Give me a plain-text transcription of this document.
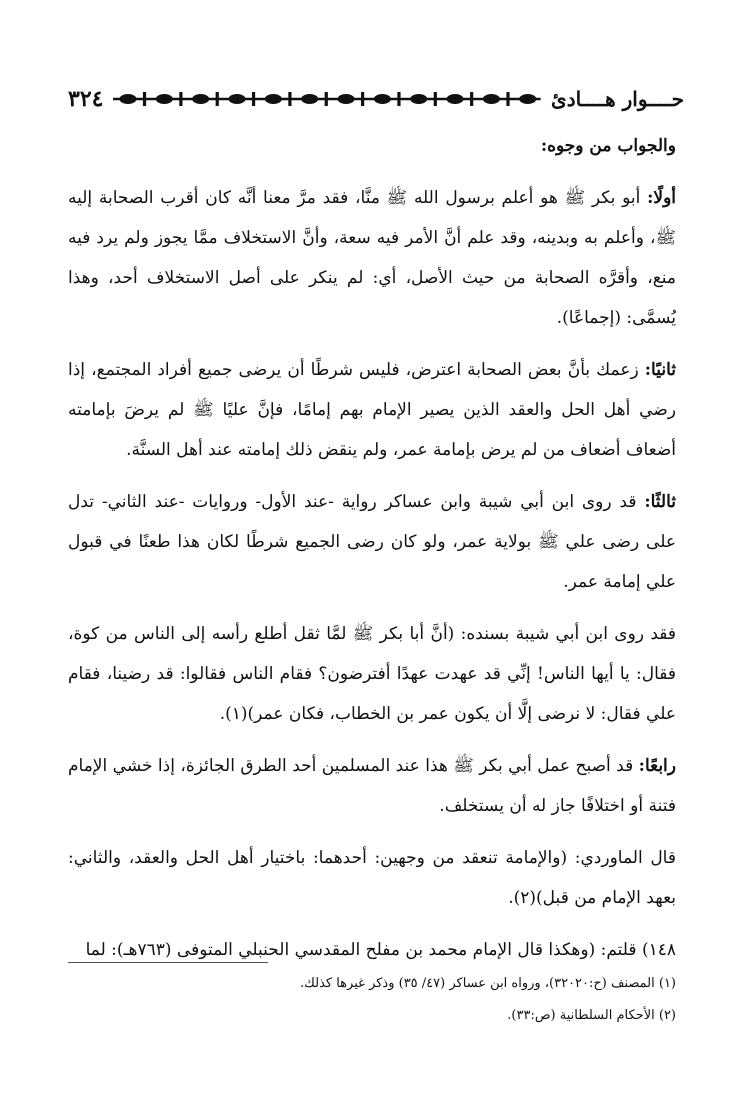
حــــوار هــــادئ
٣٢٤

والجواب من وجوه:

أولًا: أبو بكر ﷺ هو أعلم برسول الله ﷺ منَّا، فقد مرَّ معنا أنَّه كان أقرب الصحابة إليه ﷺ، وأعلم به وبدينه، وقد علم أنَّ الأمر فيه سعة، وأنَّ الاستخلاف ممَّا يجوز ولم يرد فيه منع، وأقرَّه الصحابة من حيث الأصل، أي: لم ينكر على أصل الاستخلاف أحد، وهذا يُسمَّى: (إجماعًا).

ثانيًا: زعمك بأنَّ بعض الصحابة اعترض، فليس شرطًا أن يرضى جميع أفراد المجتمع، إذا رضي أهل الحل والعقد الذين يصير الإمام بهم إمامًا، فإنَّ عليًا ﷺ لم يرضَ بإمامته أضعاف أضعاف من لم يرض بإمامة عمر، ولم ينقض ذلك إمامته عند أهل السنَّة.

ثالثًا: قد روى ابن أبي شيبة وابن عساكر رواية -عند الأول- وروايات -عند الثاني- تدل على رضى علي ﷺ بولاية عمر، ولو كان رضى الجميع شرطًا لكان هذا طعنًا في قبول علي إمامة عمر.

فقد روى ابن أبي شيبة بسنده: (أنَّ أبا بكر ﷺ لمَّا ثقل أطلع رأسه إلى الناس من كوة، فقال: يا أيها الناس! إنِّي قد عهدت عهدًا أفترضون؟ فقام الناس فقالوا: قد رضينا، فقام علي فقال: لا نرضى إلَّا أن يكون عمر بن الخطاب، فكان عمر)(١).

رابعًا: قد أصبح عمل أبي بكر ﷺ هذا عند المسلمين أحد الطرق الجائزة، إذا خشي الإمام فتنة أو اختلافًا جاز له أن يستخلف.

قال الماوردي: (والإمامة تنعقد من وجهين: أحدهما: باختيار أهل الحل والعقد، والثاني: بعهد الإمام من قبل)(٢).

١٤٨) قلتم: (وهكذا قال الإمام محمد بن مفلح المقدسي الحنبلي المتوفى (٧٦٣هـ): لما

(١) المصنف (ح:٣٢٠٢٠)، ورواه ابن عساكر (٤٧/ ٣٥) وذكر غيرها كذلك.

(٢) الأحكام السلطانية (ص:٣٣).
